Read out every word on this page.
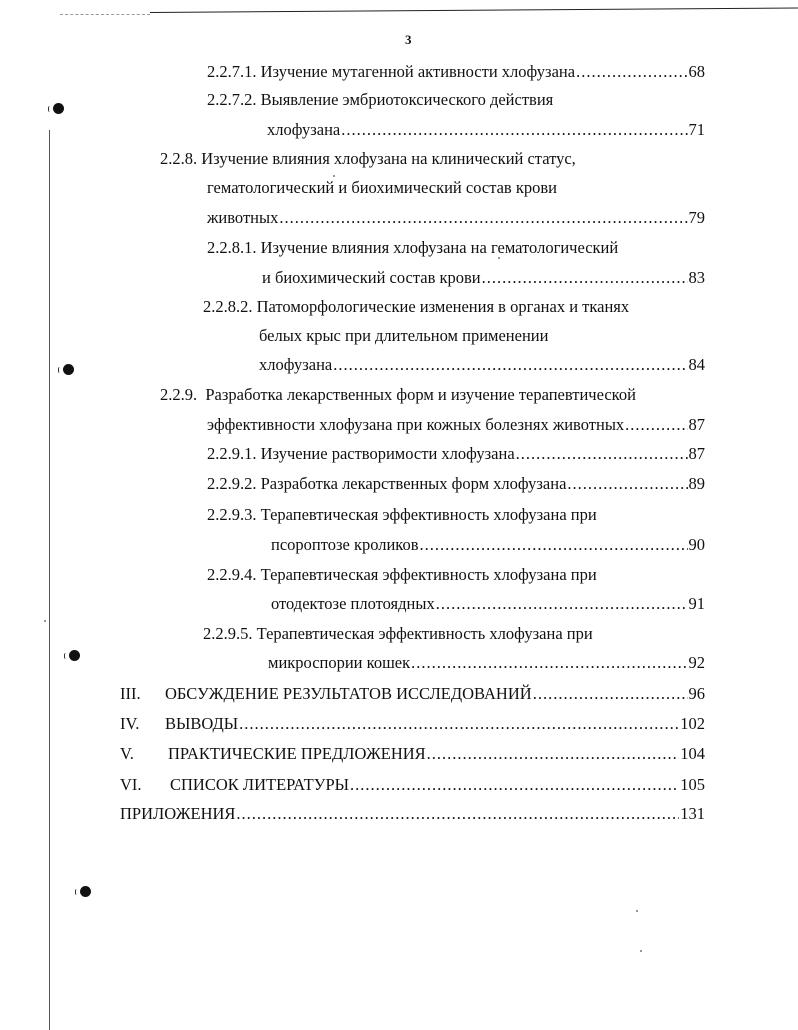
3
2.2.7.1. Изучение мутагенной активности хлофузана .....	68
2.2.7.2. Выявление эмбриотоксического действия
хлофузана .....	71
2.2.8. Изучение влияния хлофузана на клинический статус,
гематологический и биохимический состав крови
животных .....	79
2.2.8.1. Изучение влияния хлофузана на гематологический
и биохимический состав крови .....	83
2.2.8.2. Патоморфологические изменения в органах и тканях
белых крыс при длительном применении
хлофузана .....	84
2.2.9. Разработка лекарственных форм и изучение терапевтической
эффективности хлофузана при кожных болезнях животных .....	87
2.2.9.1. Изучение растворимости хлофузана .....	87
2.2.9.2. Разработка лекарственных форм хлофузана .....	89
2.2.9.3. Терапевтическая эффективность хлофузана при
псороптозе кроликов .....	90
2.2.9.4. Терапевтическая эффективность хлофузана при
отодектозе плотоядных .....	91
2.2.9.5. Терапевтическая эффективность хлофузана при
микроспории кошек .....	92
III. ОБСУЖДЕНИЕ РЕЗУЛЬТАТОВ ИССЛЕДОВАНИЙ .....	96
IV. ВЫВОДЫ .....	102
V. ПРАКТИЧЕСКИЕ ПРЕДЛОЖЕНИЯ .....	104
VI. СПИСОК ЛИТЕРАТУРЫ .....	105
ПРИЛОЖЕНИЯ .....	131
